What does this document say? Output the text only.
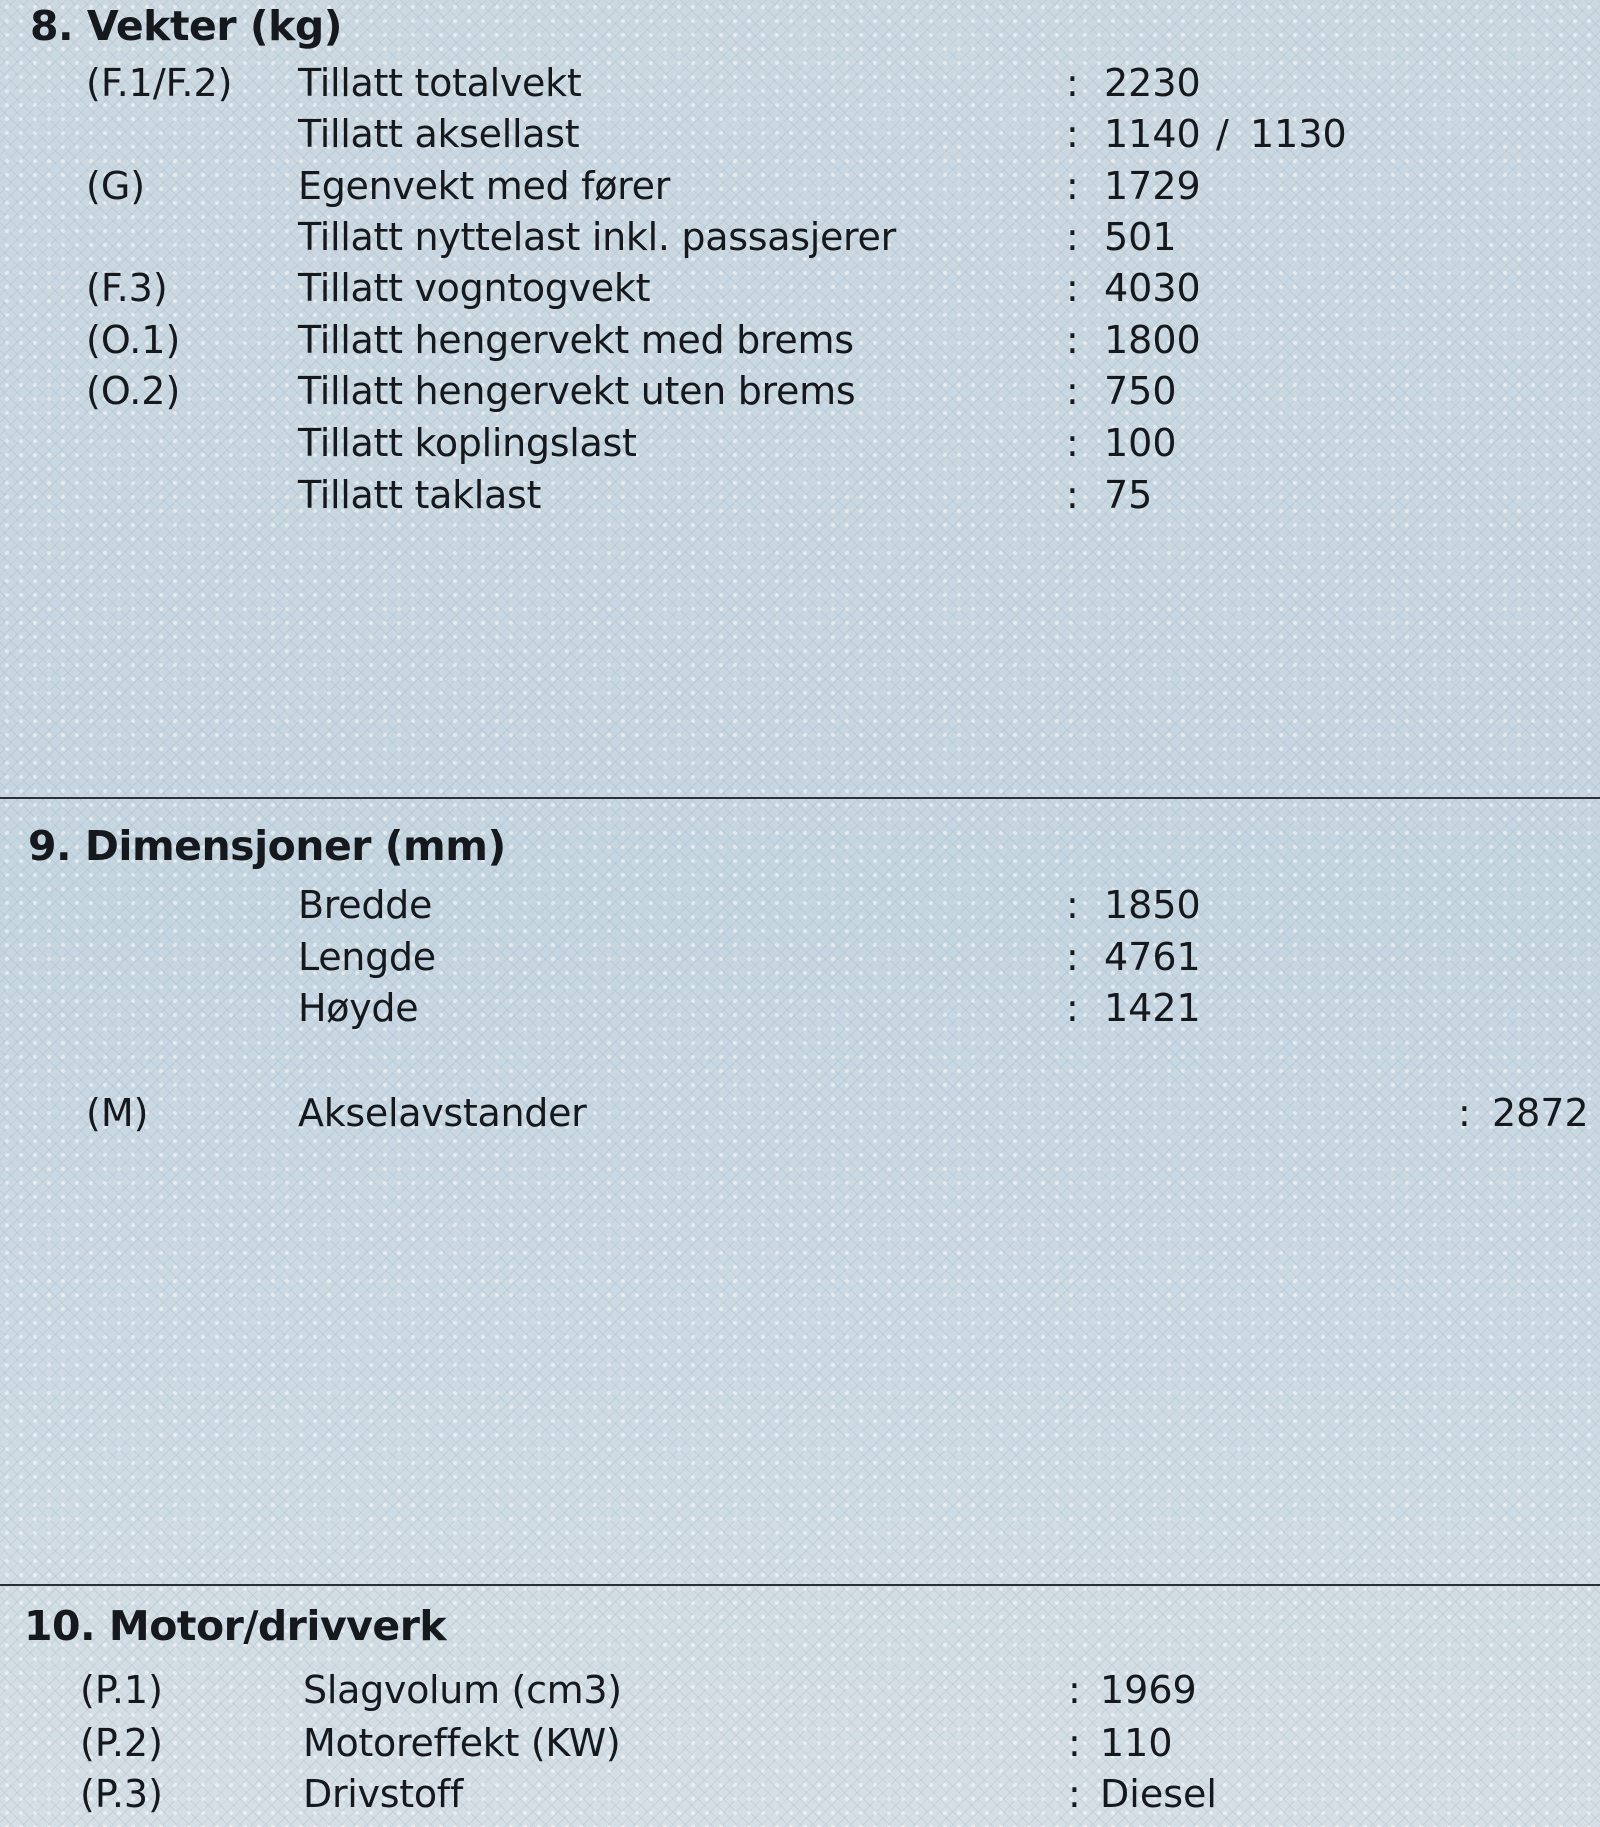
8. Vekter (kg)
(F.1/F.2) Tillatt totalvekt	: 2230
Tillatt aksellast	: 1140 / 1130
(G)	Egenvekt med fører	: 1729
Tillatt nyttelast inkl. passasjerer	: 501
(F.3)	Tillatt vogntogvekt	: 4030
(O.1)	Tillatt hengervekt med brems	: 1800
(O.2)	Tillatt hengervekt uten brems	: 750
Tillatt koplingslast	: 100
Tillatt taklast	: 75
9. Dimensjoner (mm)
Bredde	: 1850
Lengde	: 4761
Høyde	: 1421
(M)	Akselavstander	: 2872
10. Motor/drivverk
(P.1)	Slagvolum (cm3)	: 1969
(P.2)	Motoreffekt (KW)	: 110
(P.3)	Drivstoff	: Diesel
